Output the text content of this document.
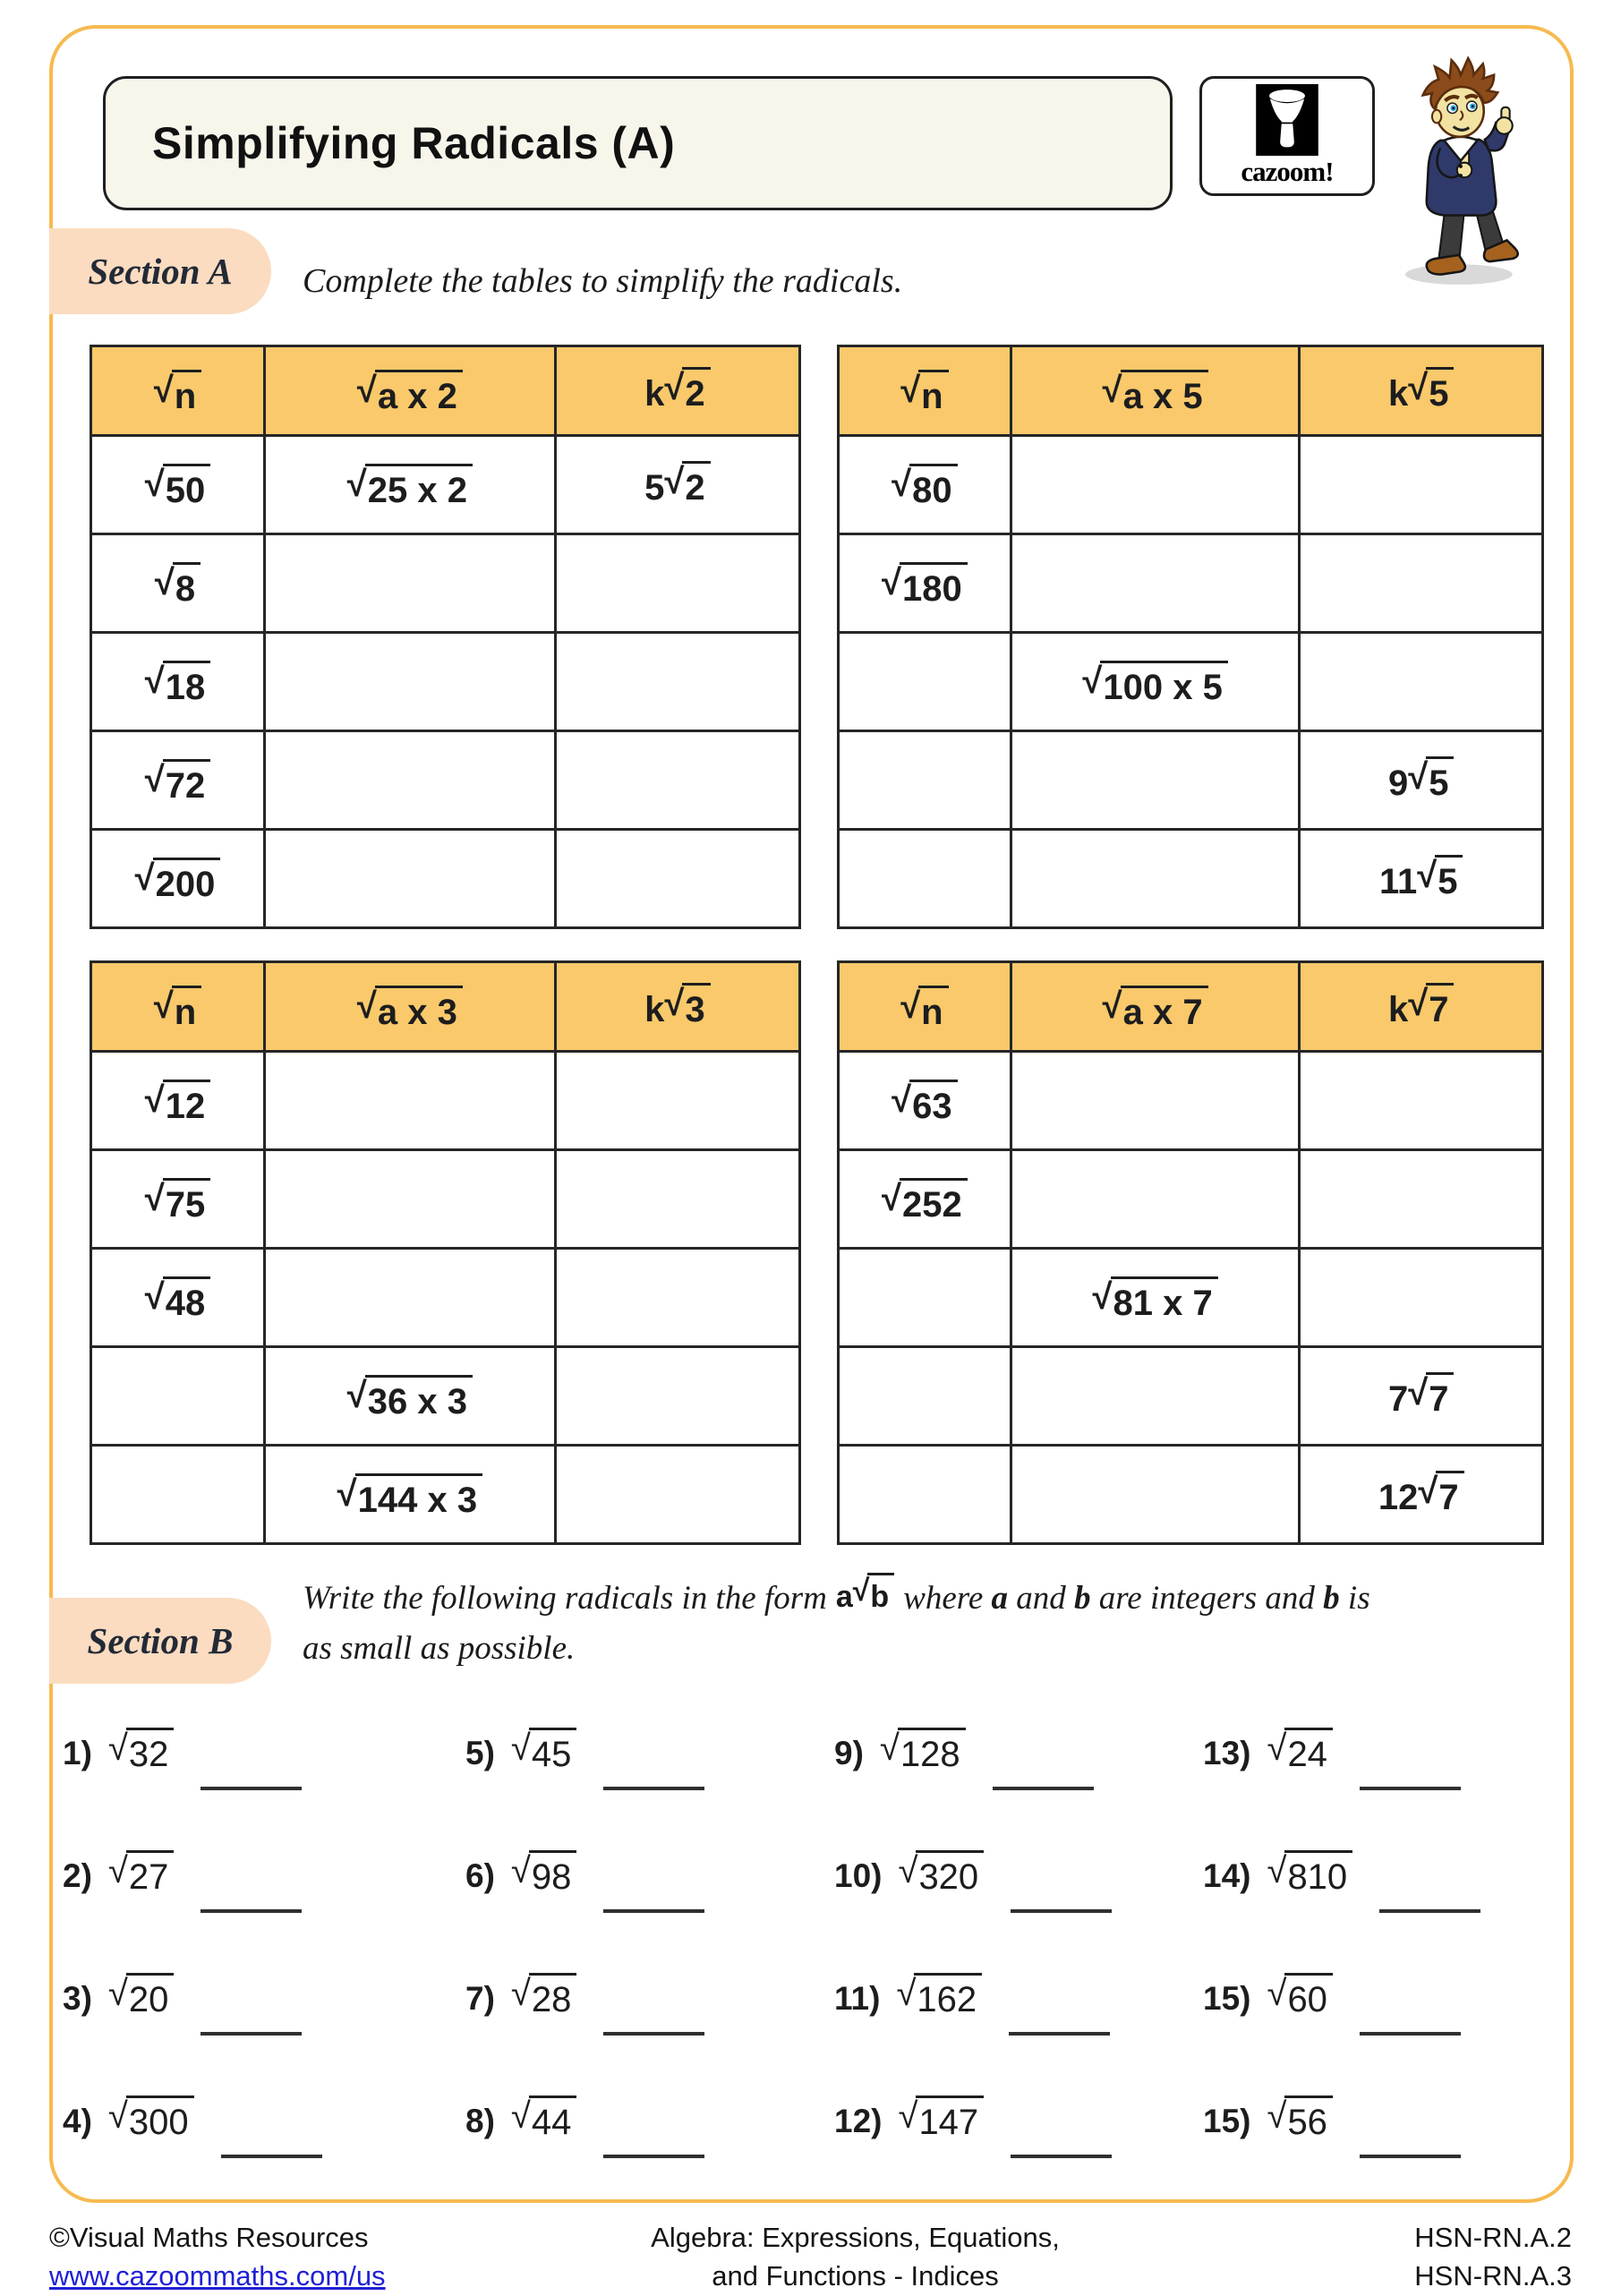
Simplifying Radicals (A)
cazoom!
Section A Complete the tables to simplify the radicals.
√ n	√ a x 2	k √ 2

√ 50	√ 25 x 2	5 √ 2

√ 8		

√ 18		

√ 72		

√ 200		

√ n	√ a x 5	k √ 5

√ 80		

√ 180		

	√ 100 x 5	

		9 √ 5

		11 √ 5
√ n	√ a x 3	k √ 3

√ 12		

√ 75		

√ 48		

	√ 36 x 3	

	√ 144 x 3	

√ n	√ a x 7	k √ 7

√ 63		

√ 252		

	√ 81 x 7	

		7 √ 7

		12 √ 7
Section B
Write the following radicals in the form a √ b where a and b are integers and b is as small as possible.
1) √ 32
2) √ 27
3) √ 20
4) √ 300
5) √ 45
6) √ 98
7) √ 28
8) √ 44
9) √ 128
10) √ 320
11) √ 162
12) √ 147
13) √ 24
14) √ 810
15) √ 60
15) √ 56
©Visual Maths Resources
www.cazoommaths.com/us
Algebra: Expressions, Equations,
and Functions - Indices
HSN-RN.A.2
HSN-RN.A.3
